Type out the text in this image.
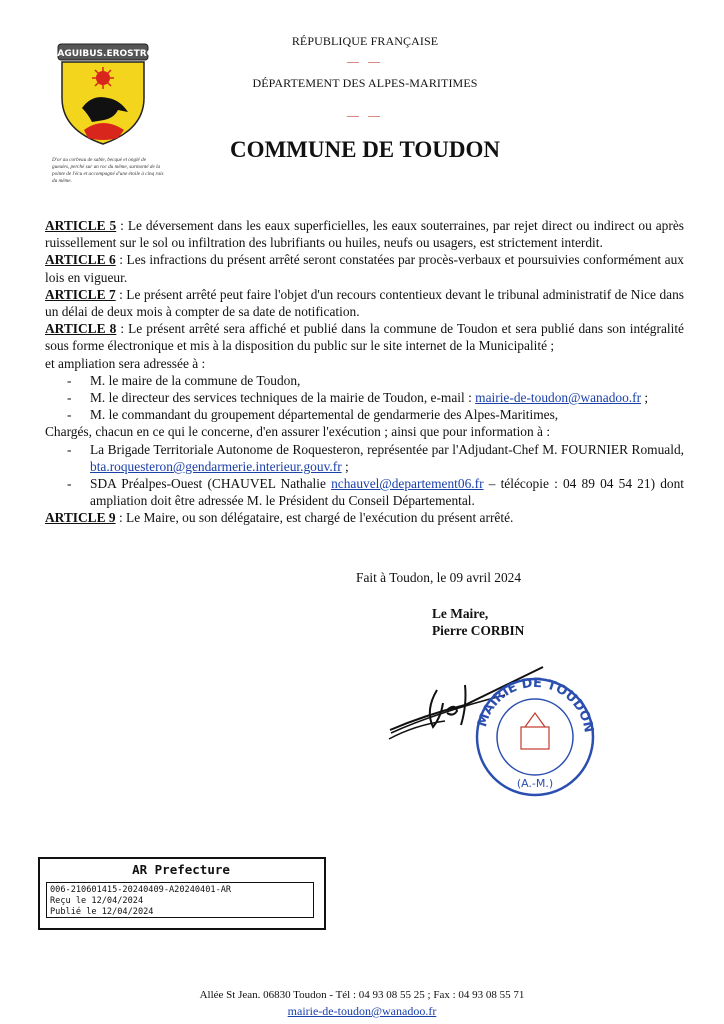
LAGUIBUS.EROSTRO
D'or au corbeau de sable, becqué et onglé de gueules, perché sur un roc du même, surmonté de la pointe de l'écu et accompagné d'une étoile à cinq rais du même.
RÉPUBLIQUE FRANÇAISE
— —
DÉPARTEMENT DES ALPES-MARITIMES
— —
COMMUNE DE TOUDON

ARTICLE 5 : Le déversement dans les eaux superficielles, les eaux souterraines, par rejet direct ou indirect ou après ruissellement sur le sol ou infiltration des lubrifiants ou huiles, neufs ou usagers, est strictement interdit.

ARTICLE 6 : Les infractions du présent arrêté seront constatées par procès-verbaux et poursuivies conformément aux lois en vigueur.

ARTICLE 7 : Le présent arrêté peut faire l'objet d'un recours contentieux devant le tribunal administratif de Nice dans un délai de deux mois à compter de sa date de notification.

ARTICLE 8 : Le présent arrêté sera affiché et publié dans la commune de Toudon et sera publié dans son intégralité sous forme électronique et mis à la disposition du public sur le site internet de la Municipalité ;

et ampliation sera adressée à :

- M. le maire de la commune de Toudon,

- M. le directeur des services techniques de la mairie de Toudon, e-mail : mairie-de-toudon@wanadoo.fr ;

- M. le commandant du groupement départemental de gendarmerie des Alpes-Maritimes,

Chargés, chacun en ce qui le concerne, d'en assurer l'exécution ; ainsi que pour information à :

- La Brigade Territoriale Autonome de Roquesteron, représentée par l'Adjudant-Chef M. FOURNIER Romuald, bta.roquesteron@gendarmerie.interieur.gouv.fr ;

- SDA Préalpes-Ouest (CHAUVEL Nathalie nchauvel@departement06.fr – télécopie : 04 89 04 54 21) dont ampliation doit être adressée M. le Président du Conseil Départemental.

ARTICLE 9 : Le Maire, ou son délégataire, est chargé de l'exécution du présent arrêté.

Fait à Toudon, le 09 avril 2024
Le Maire,
Pierre CORBIN
MAIRIE DE TOUDON
(A.-M.)
AR Prefecture
006-210601415-20240409-A20240401-AR
Reçu le 12/04/2024
Publié le 12/04/2024
Allée St Jean. 06830 Toudon - Tél : 04 93 08 55 25 ; Fax : 04 93 08 55 71
mairie-de-toudon@wanadoo.fr
